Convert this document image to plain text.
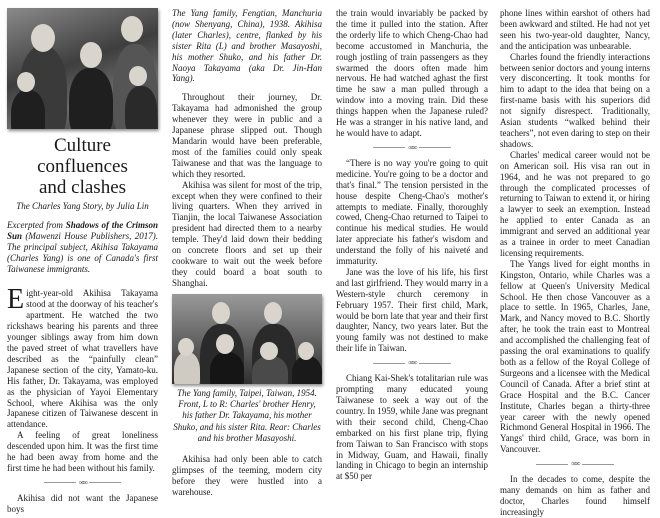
Culture confluences
and clashes
The Charles Yang Story, by Julia Lin
Excerpted from Shadows of the Crimson Sun (Mawenzi House Publishers, 2017). The principal subject, Akihisa Takayama (Charles Yang) is one of Canada's first Taiwanese immigrants.

Eight-year-old Akihisa Takayama stood at the doorway of his teacher's apartment. He watched the two rickshaws bearing his parents and three younger siblings away from him down the paved street of what travellers have described as the “painfully clean” Japanese section of the city, Yamato-ku. His father, Dr. Takayama, was employed as the physician of Yayoi Elementary School, where Akihisa was the only Japanese citizen of Taiwanese descent in attendance.

A feeling of great loneliness descended upon him. It was the first time he had been away from home and the first time he had been without his family.

∞∞

Akihisa did not want the Japanese boys

The Yang family, Fengtian, Manchuria (now Shenyang, China), 1938. Akihisa (later Charles), centre, flanked by his sister Rita (L) and brother Masayoshi, his mother Shuko, and his father Dr. Naoya Takayama (aka Dr. Jin-Han Yang).

Throughout their journey, Dr. Takayama had admonished the group whenever they were in public and a Japanese phrase slipped out. Though Mandarin would have been preferable, most of the families could only speak Taiwanese and that was the language to which they resorted.

Akihisa was silent for most of the trip, except when they were confined to their living quarters. When they arrived in Tianjin, the local Taiwanese Association president had directed them to a nearby temple. They'd laid down their bedding on concrete floors and set up their cookware to wait out the week before they could board a boat south to Shanghai.

The Yang family, Taipei, Taiwan, 1954. Front, L to R: Charles' brother Henry, his father Dr. Takayama, his mother Shuko, and his sister Rita. Rear: Charles and his brother Masayoshi.

Akihisa had only been able to catch glimpses of the teeming, modern city before they were hustled into a warehouse.

the train would invariably be packed by the time it pulled into the station. After the orderly life to which Cheng-Chao had become accustomed in Manchuria, the rough jostling of train passengers as they swarmed the doors often made him nervous. He had watched aghast the first time he saw a man pulled through a window into a moving train. Did these things happen when the Japanese ruled? He was a stranger in his native land, and he would have to adapt.

∞∞

“There is no way you're going to quit medicine. You're going to be a doctor and that's final.” The tension persisted in the house despite Cheng-Chao's mother's attempts to mediate. Finally, thoroughly cowed, Cheng-Chao returned to Taipei to continue his medical studies. He would later appreciate his father's wisdom and understand the folly of his naiveté and immaturity.

Jane was the love of his life, his first and last girlfriend. They would marry in a Western-style church ceremony in February 1957. Their first child, Mark, would be born late that year and their first daughter, Nancy, two years later. But the young family was not destined to make their life in Taiwan.

∞∞

Chiang Kai-Shek's totalitarian rule was prompting many educated young Taiwanese to seek a way out of the country. In 1959, while Jane was pregnant with their second child, Cheng-Chao embarked on his first plane trip, flying from Taiwan to San Francisco with stops in Midway, Guam, and Hawaii, finally landing in Chicago to begin an internship at $50 per

phone lines within earshot of others had been awkward and stilted. He had not yet seen his two-year-old daughter, Nancy, and the anticipation was unbearable.

Charles found the friendly interactions between senior doctors and young interns very disconcerting. It took months for him to adapt to the idea that being on a first-name basis with his superiors did not signify disrespect. Traditionally, Asian students “walked behind their teachers”, not even daring to step on their shadows.

Charles' medical career would not be on American soil. His visa ran out in 1964, and he was not prepared to go through the complicated processes of returning to Taiwan to extend it, or hiring a lawyer to seek an exemption. Instead he applied to enter Canada as an immigrant and served an additional year as a trainee in order to meet Canadian licensing requirements.

The Yangs lived for eight months in Kingston, Ontario, while Charles was a fellow at Queen's University Medical School. He then chose Vancouver as a place to settle. In 1965, Charles, Jane, Mark, and Nancy moved to B.C. Shortly after, he took the train east to Montreal and accomplished the challenging feat of passing the oral examinations to qualify both as a fellow of the Royal College of Surgeons and a licensee with the Medical Council of Canada. After a brief stint at Grace Hospital and the B.C. Cancer Institute, Charles began a thirty-three year career with the newly opened Richmond General Hospital in 1966. The Yangs' third child, Grace, was born in Vancouver.

∞∞

In the decades to come, despite the many demands on him as father and doctor, Charles found himself increasingly
